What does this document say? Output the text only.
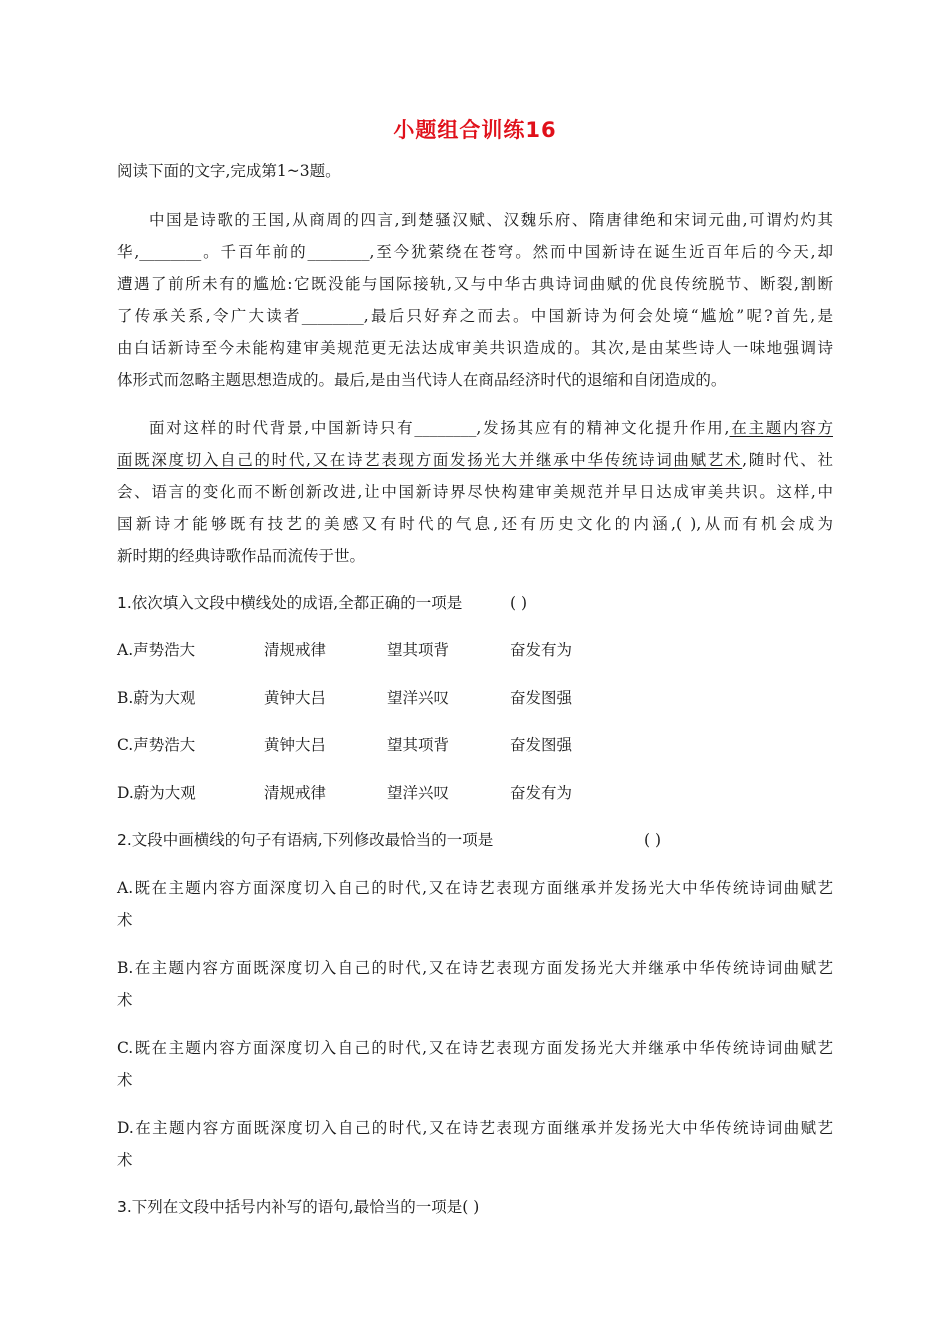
小题组合训练16
阅读下面的文字,完成第1~3题。
中国是诗歌的王国,从商周的四言,到楚骚汉赋、汉魏乐府、隋唐律绝和宋词元曲,可谓灼灼其
华,________。千百年前的________,至今犹萦绕在苍穹。然而中国新诗在诞生近百年后的今天,却
遭遇了前所未有的尴尬:它既没能与国际接轨,又与中华古典诗词曲赋的优良传统脱节、断裂,割断
了传承关系,令广大读者________,最后只好弃之而去。中国新诗为何会处境“尴尬”呢?首先,是
由白话新诗至今未能构建审美规范更无法达成审美共识造成的。其次,是由某些诗人一味地强调诗
体形式而忽略主题思想造成的。最后,是由当代诗人在商品经济时代的退缩和自闭造成的。
面对这样的时代背景,中国新诗只有________,发扬其应有的精神文化提升作用,在主题内容方
面既深度切入自己的时代,又在诗艺表现方面发扬光大并继承中华传统诗词曲赋艺术,随时代、社
会、语言的变化而不断创新改进,让中国新诗界尽快构建审美规范并早日达成审美共识。这样,中
国新诗才能够既有技艺的美感又有时代的气息,还有历史文化的内涵,( ),从而有机会成为
新时期的经典诗歌作品而流传于世。
1.依次填入文段中横线处的成语,全都正确的一项是	( )
A.声势浩大	清规戒律	望其项背	奋发有为
B.蔚为大观	黄钟大吕	望洋兴叹	奋发图强
C.声势浩大	黄钟大吕	望其项背	奋发图强
D.蔚为大观	清规戒律	望洋兴叹	奋发有为
2.文段中画横线的句子有语病,下列修改最恰当的一项是	( )
A.既在主题内容方面深度切入自己的时代,又在诗艺表现方面继承并发扬光大中华传统诗词曲赋艺
术
B.在主题内容方面既深度切入自己的时代,又在诗艺表现方面发扬光大并继承中华传统诗词曲赋艺
术
C.既在主题内容方面深度切入自己的时代,又在诗艺表现方面发扬光大并继承中华传统诗词曲赋艺
术
D.在主题内容方面既深度切入自己的时代,又在诗艺表现方面继承并发扬光大中华传统诗词曲赋艺
术
3.下列在文段中括号内补写的语句,最恰当的一项是( )
